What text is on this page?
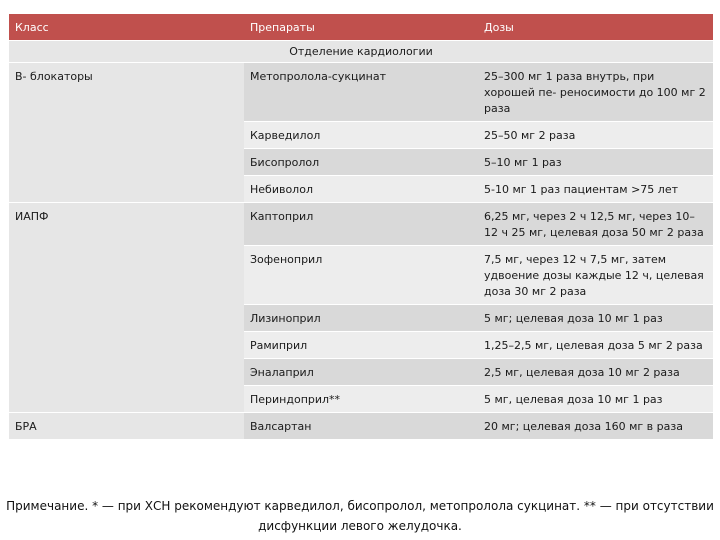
Класс	Препараты	Дозы
Отделение кардиологии		
B- блокаторы	Метопролола-сукцинат	25–300 мг 1 раза внутрь, при хорошей пе- реносимости до 100 мг 2 раза
	Карведилол	25–50 мг 2 раза
	Бисопролол	5–10 мг 1 раз
	Небиволол	5-10 мг 1 раз пациентам >75 лет
ИАПФ	Каптоприл	6,25 мг, через 2 ч 12,5 мг, через 10–12 ч 25 мг, целевая доза 50 мг 2 раза
	Зофеноприл	7,5 мг, через 12 ч 7,5 мг, затем удвоение дозы каждые 12 ч, целевая доза 30 мг 2 раза
	Лизиноприл	5 мг; целевая доза 10 мг 1 раз
	Рамиприл	1,25–2,5 мг, целевая доза 5 мг 2 раза
	Эналаприл	2,5 мг, целевая доза 10 мг 2 раза
	Периндоприл**	5 мг, целевая доза 10 мг 1 раз
БРА	Валсартан	20 мг; целевая доза 160 мг в раза
Примечание. * — при ХСН рекомендуют карведилол, бисопролол, метопролола сукцинат. ** — при отсутствии дисфункции левого желудочка.
